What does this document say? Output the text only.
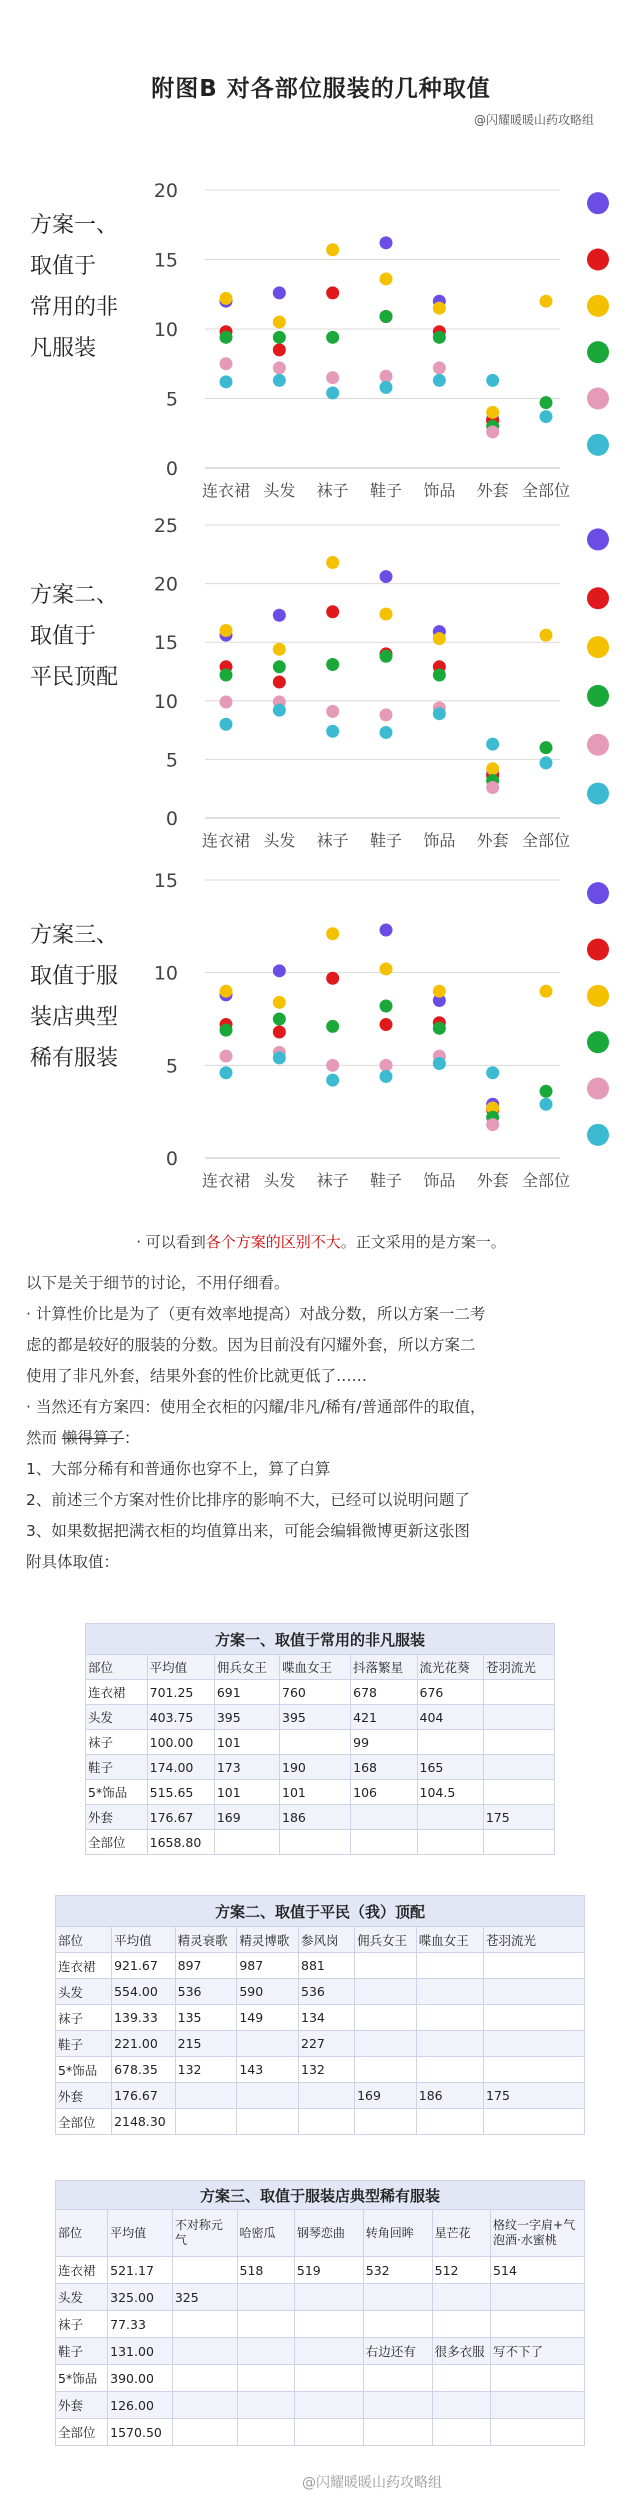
附图B 对各部位服装的几种取值
@闪耀暖暖山药攻略组
方案一、
取值于
常用的非
凡服装
0
5
10
15
20
连衣裙 头发 袜子 鞋子 饰品 外套 全部位
方案二、
取值于
平民顶配
0
5
10
15
20
25
连衣裙 头发 袜子 鞋子 饰品 外套 全部位
方案三、
取值于服
装店典型
稀有服装
0
5
10
15
连衣裙 头发 袜子 鞋子 饰品 外套 全部位
· 可以看到各个方案的区别不大。正文采用的是方案一。

以下是关于细节的讨论，不用仔细看。

· 计算性价比是为了（更有效率地提高）对战分数，所以方案一二考

虑的都是较好的服装的分数。因为目前没有闪耀外套，所以方案二

使用了非凡外套，结果外套的性价比就更低了……

· 当然还有方案四：使用全衣柜的闪耀/非凡/稀有/普通部件的取值，

然而 懒得算了：

1、大部分稀有和普通你也穿不上，算了白算

2、前述三个方案对性价比排序的影响不大，已经可以说明问题了

3、如果数据把满衣柜的均值算出来，可能会编辑微博更新这张图

附具体取值：

方案一、取值于常用的非凡服装						
部位	平均值	佣兵女王	喋血女王	抖落繁星	流光花葵	苍羽流光
连衣裙	701.25	691	760	678	676	
头发	403.75	395	395	421	404	
袜子	100.00	101		99		
鞋子	174.00	173	190	168	165	
5*饰品	515.65	101	101	106	104.5	
外套	176.67	169	186			175
全部位	1658.80					
方案二、取值于平民（我）顶配							
部位	平均值	精灵衰歌	精灵博歌	参风岗	佣兵女王	喋血女王	苍羽流光
连衣裙	921.67	897	987	881			
头发	554.00	536	590	536			
袜子	139.33	135	149	134			
鞋子	221.00	215		227			
5*饰品	678.35	132	143	132			
外套	176.67				169	186	175
全部位	2148.30						
方案三、取值于服装店典型稀有服装							
部位	平均值	不对称元气	哈密瓜	钢琴恋曲	转角回眸	星芒花	格纹一字肩+气泡酒·水蜜桃
连衣裙	521.17		518	519	532	512	514
头发	325.00	325					
袜子	77.33						
鞋子	131.00				右边还有	很多衣服	写不下了
5*饰品	390.00						
外套	126.00						
全部位	1570.50						
@闪耀暖暖山药攻略组
